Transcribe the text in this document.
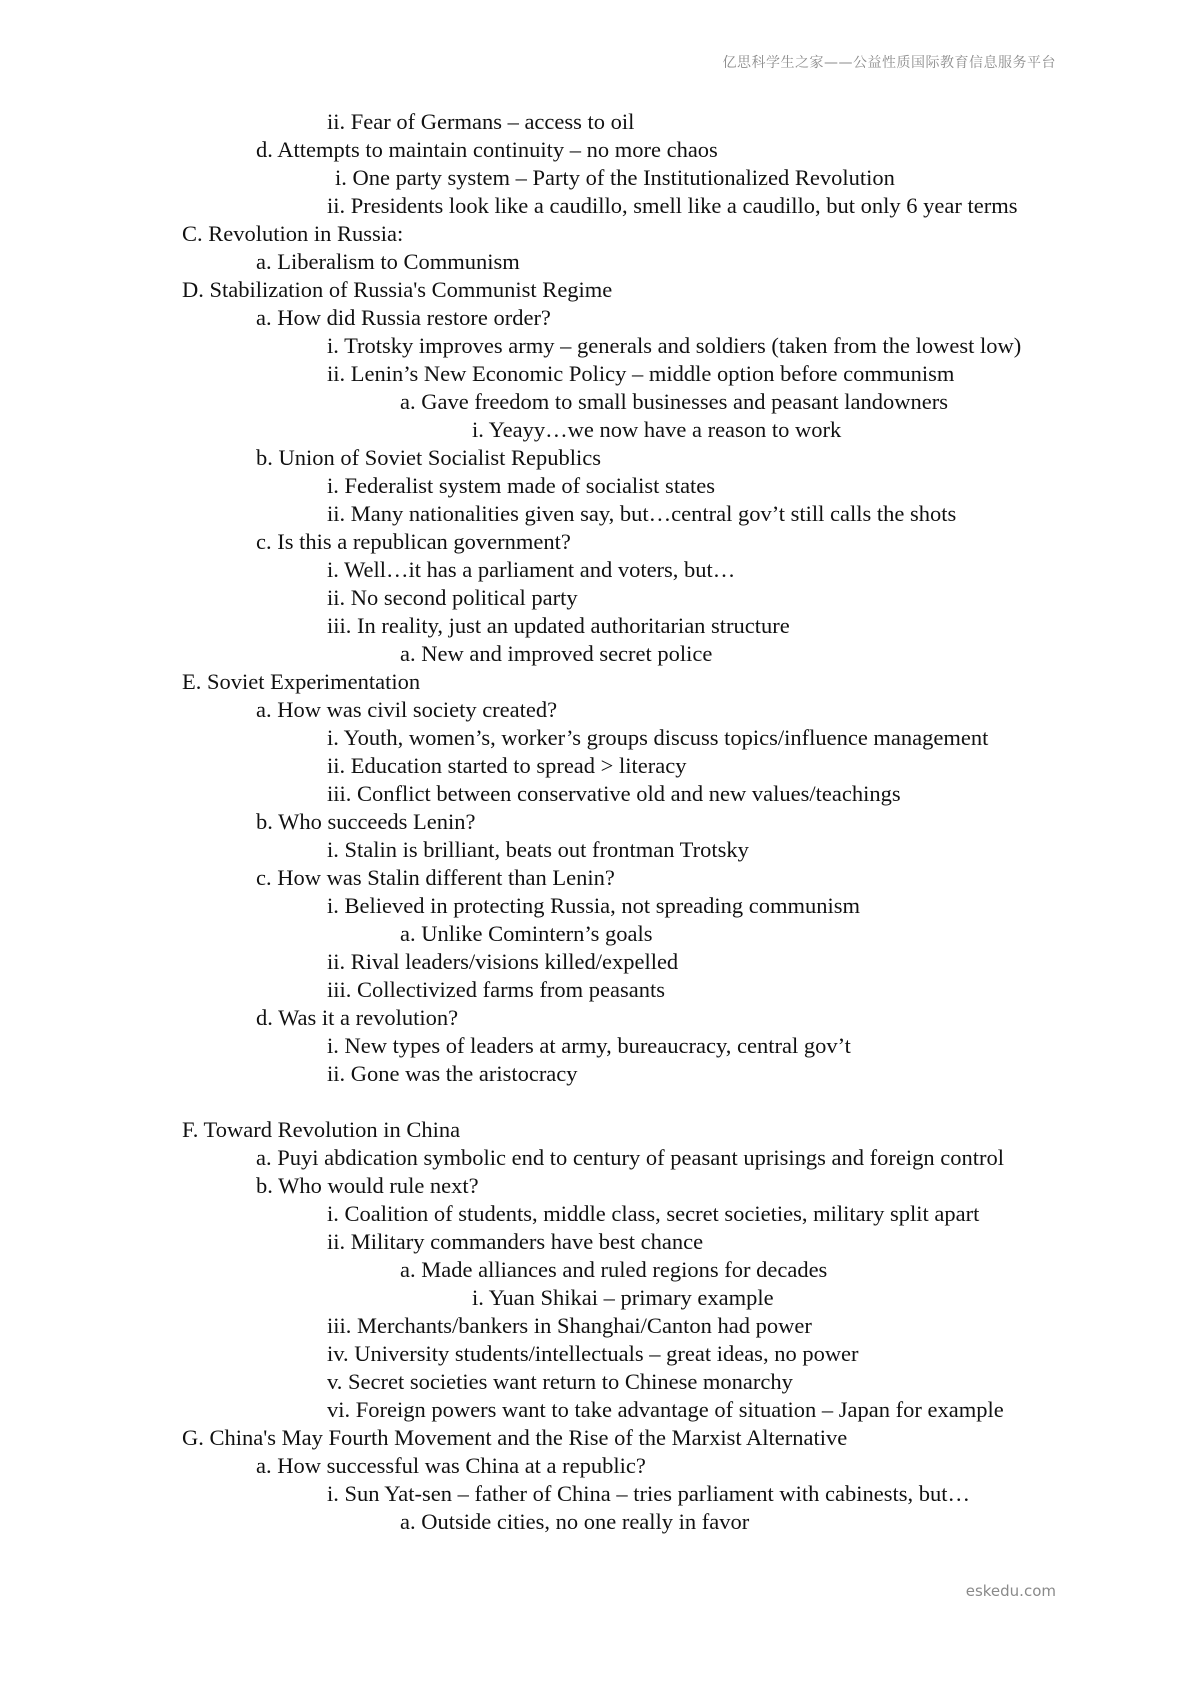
亿思科学生之家——公益性质国际教育信息服务平台
ii. Fear of Germans – access to oil
d. Attempts to maintain continuity – no more chaos
i. One party system – Party of the Institutionalized Revolution
ii. Presidents look like a caudillo, smell like a caudillo, but only 6 year terms
C. Revolution in Russia:
a. Liberalism to Communism
D. Stabilization of Russia's Communist Regime
a. How did Russia restore order?
i. Trotsky improves army – generals and soldiers (taken from the lowest low)
ii. Lenin’s New Economic Policy – middle option before communism
a. Gave freedom to small businesses and peasant landowners
i. Yeayy…we now have a reason to work
b. Union of Soviet Socialist Republics
i. Federalist system made of socialist states
ii. Many nationalities given say, but…central gov’t still calls the shots
c. Is this a republican government?
i. Well…it has a parliament and voters, but…
ii. No second political party
iii. In reality, just an updated authoritarian structure
a. New and improved secret police
E. Soviet Experimentation
a. How was civil society created?
i. Youth, women’s, worker’s groups discuss topics/influence management
ii. Education started to spread > literacy
iii. Conflict between conservative old and new values/teachings
b. Who succeeds Lenin?
i. Stalin is brilliant, beats out frontman Trotsky
c. How was Stalin different than Lenin?
i. Believed in protecting Russia, not spreading communism
a. Unlike Comintern’s goals
ii. Rival leaders/visions killed/expelled
iii. Collectivized farms from peasants
d. Was it a revolution?
i. New types of leaders at army, bureaucracy, central gov’t
ii. Gone was the aristocracy
F. Toward Revolution in China
a. Puyi abdication symbolic end to century of peasant uprisings and foreign control
b. Who would rule next?
i. Coalition of students, middle class, secret societies, military split apart
ii. Military commanders have best chance
a. Made alliances and ruled regions for decades
i. Yuan Shikai – primary example
iii. Merchants/bankers in Shanghai/Canton had power
iv. University students/intellectuals – great ideas, no power
v. Secret societies want return to Chinese monarchy
vi. Foreign powers want to take advantage of situation – Japan for example
G. China's May Fourth Movement and the Rise of the Marxist Alternative
a. How successful was China at a republic?
i. Sun Yat-sen – father of China – tries parliament with cabinests, but…
a. Outside cities, no one really in favor
eskedu.com
